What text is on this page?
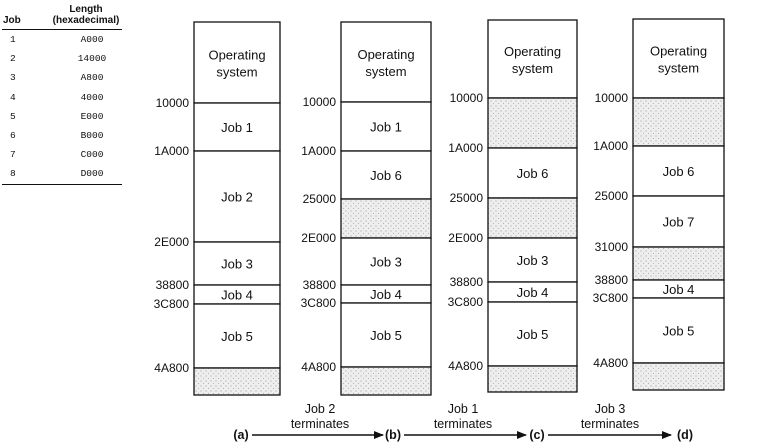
Job	Length
(hexadecimal)
1	A000
2	14000
3	A800
4	4000
5	E000
6	B000
7	C000
8	D000
Operating system
Job 1
Job 2
Job 3
Job 4
Job 5
10000
1A000
2E000
38800
3C800
4A800
(a)
Operating system
Job 1
Job 6
Job 3
Job 4
Job 5
10000
1A000
25000
2E000
38800
3C800
4A800
(b)
Operating system
Job 6
Job 3
Job 4
Job 5
10000
1A000
25000
2E000
38800
3C800
4A800
(c)
Operating system
Job 6
Job 7
Job 4
Job 5
10000
1A000
25000
31000
38800
3C800
4A800
(d)
Job 2
terminates
Job 1
terminates
Job 3
terminates
